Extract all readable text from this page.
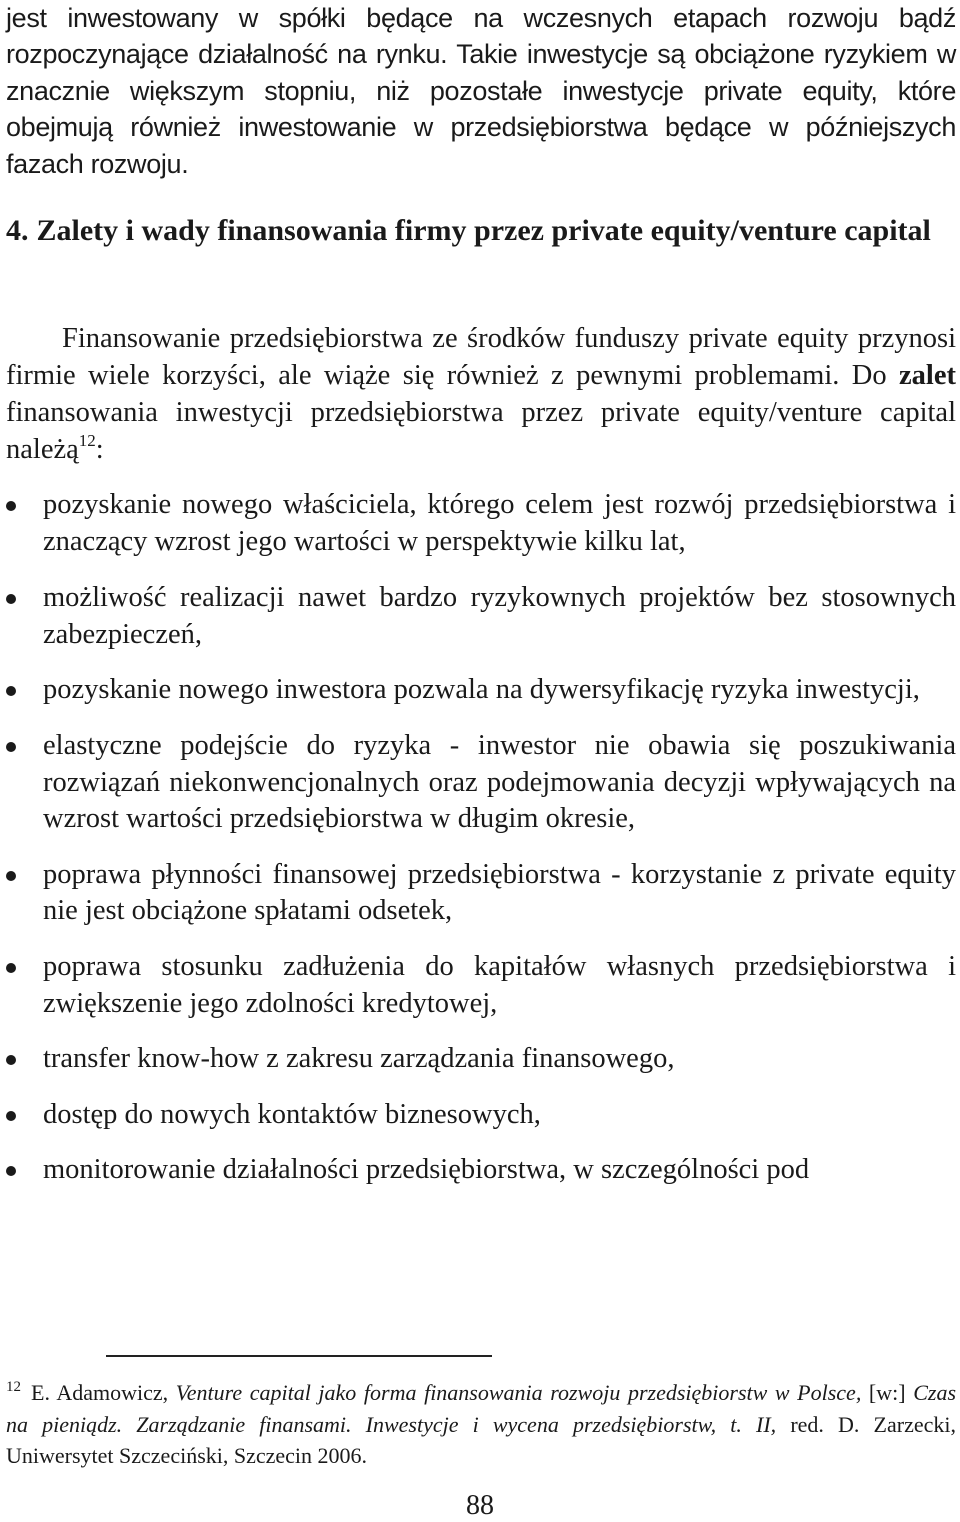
jest inwestowany w spółki będące na wczesnych etapach rozwoju bądź rozpoczynające działalność na rynku. Takie inwestycje są obciążone ryzykiem w znacznie większym stopniu, niż pozostałe inwestycje private equity, które obejmują również inwestowanie w przedsiębiorstwa będące w późniejszych fazach rozwoju.

4. Zalety i wady finansowania firmy przez private equity/venture capital

Finansowanie przedsiębiorstwa ze środków funduszy private equity przynosi firmie wiele korzyści, ale wiąże się również z pewnymi problemami. Do zalet finansowania inwestycji przedsiębiorstwa przez private equity/venture capital należą$^{12}$:

pozyskanie nowego właściciela, którego celem jest rozwój przedsiębiorstwa i znaczący wzrost jego wartości w perspektywie kilku lat,
możliwość realizacji nawet bardzo ryzykownych projektów bez stosownych zabezpieczeń,
pozyskanie nowego inwestora pozwala na dywersyfikację ryzyka inwestycji,
elastyczne podejście do ryzyka - inwestor nie obawia się poszukiwania rozwiązań niekonwencjonalnych oraz podejmowania decyzji wpływających na wzrost wartości przedsiębiorstwa w długim okresie,
poprawa płynności finansowej przedsiębiorstwa - korzystanie z private equity nie jest obciążone spłatami odsetek,
poprawa stosunku zadłużenia do kapitałów własnych przedsiębiorstwa i zwiększenie jego zdolności kredytowej,
transfer know-how z zakresu zarządzania finansowego,
dostęp do nowych kontaktów biznesowych,
monitorowanie działalności przedsiębiorstwa, w szczególności pod

$^{12}$ E. Adamowicz, Venture capital jako forma finansowania rozwoju przedsiębiorstw w Polsce, [w:] Czas na pieniądz. Zarządzanie finansami. Inwestycje i wycena przedsiębiorstw, t. II, red. D. Zarzecki, Uniwersytet Szczeciński, Szczecin 2006.

88
